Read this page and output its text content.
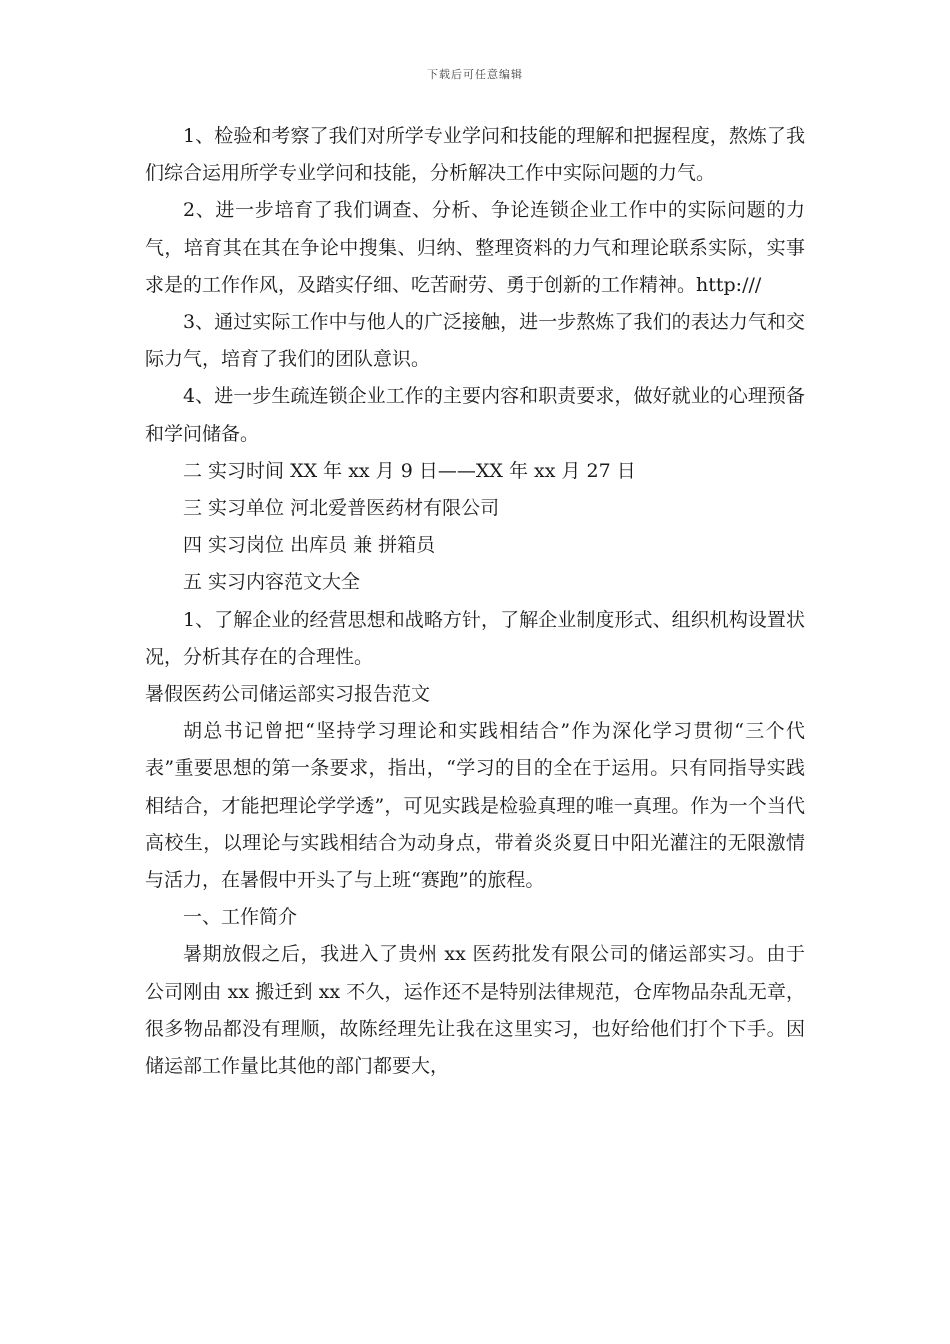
下载后可任意编辑

1、检验和考察了我们对所学专业学问和技能的理解和把握程度，熬炼了我们综合运用所学专业学问和技能，分析解决工作中实际问题的力气。

2、进一步培育了我们调查、分析、争论连锁企业工作中的实际问题的力气，培育其在其在争论中搜集、归纳、整理资料的力气和理论联系实际，实事求是的工作作风，及踏实仔细、吃苦耐劳、勇于创新的工作精神。http:///

3、通过实际工作中与他人的广泛接触，进一步熬炼了我们的表达力气和交际力气，培育了我们的团队意识。

4、进一步生疏连锁企业工作的主要内容和职责要求，做好就业的心理预备和学问储备。

二 实习时间 XX 年 xx 月 9 日——XX 年 xx 月 27 日

三 实习单位 河北爱普医药材有限公司

四 实习岗位 出库员 兼 拼箱员

五 实习内容范文大全

1、了解企业的经营思想和战略方针，了解企业制度形式、组织机构设置状况，分析其存在的合理性。

暑假医药公司储运部实习报告范文

胡总书记曾把“坚持学习理论和实践相结合”作为深化学习贯彻“三个代表”重要思想的第一条要求，指出，“学习的目的全在于运用。只有同指导实践相结合，才能把理论学学透”，可见实践是检验真理的唯一真理。作为一个当代高校生，以理论与实践相结合为动身点，带着炎炎夏日中阳光灌注的无限激情与活力，在暑假中开头了与上班“赛跑”的旅程。

一、工作简介

暑期放假之后，我进入了贵州 xx 医药批发有限公司的储运部实习。由于公司刚由 xx 搬迁到 xx 不久，运作还不是特别法律规范，仓库物品杂乱无章，很多物品都没有理顺，故陈经理先让我在这里实习，也好给他们打个下手。因储运部工作量比其他的部门都要大，
